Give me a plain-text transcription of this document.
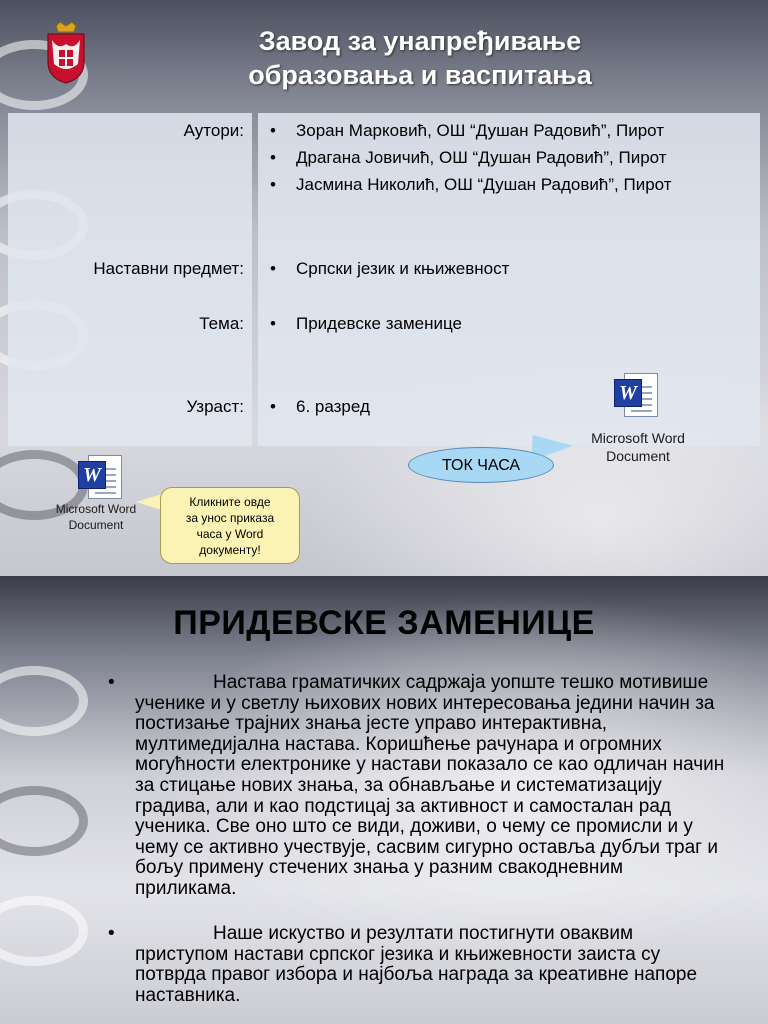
Завод за унапређивање
образовања и васпитања
Аутори: • Зоран Марковић, ОШ “Душан Радовић”, Пирот
• Драгана Јовичић, ОШ “Душан Радовић”, Пирот
• Јасмина Николић, ОШ “Душан Радовић”, Пирот
Наставни предмет: • Српски језик и књижевност
Тема: • Придевске заменице
Узраст: • 6. разред
W
Microsoft Word
Document
ТОК ЧАСА
W
Microsoft Word
Document
Кликните овде
за унос приказа
часа у Word
документу!
ПРИДЕВСКЕ ЗАМЕНИЦЕ
•	Настава граматичких садржаја уопште тешко мотивише ученике и у светлу њихових нових интересовања једини начин за постизање трајних знања јесте управо интерактивна, мултимедијална настава. Коришћење рачунара и огромних могућности електронике у настави показало се као одличан начин за стицање нових знања, за обнављање и систематизацију градива, али и као подстицај за активност и самосталан рад ученика. Све оно што се види, доживи, о чему се промисли и у чему се активно учествује, сасвим сигурно оставља дубљи траг и бољу примену стечених знања у разним свакодневним приликама.
•	Наше искуство и резултати постигнути оваквим приступом настави српског језика и књижевности заиста су потврда правог избора и најбоља награда за креативне напоре наставника.
